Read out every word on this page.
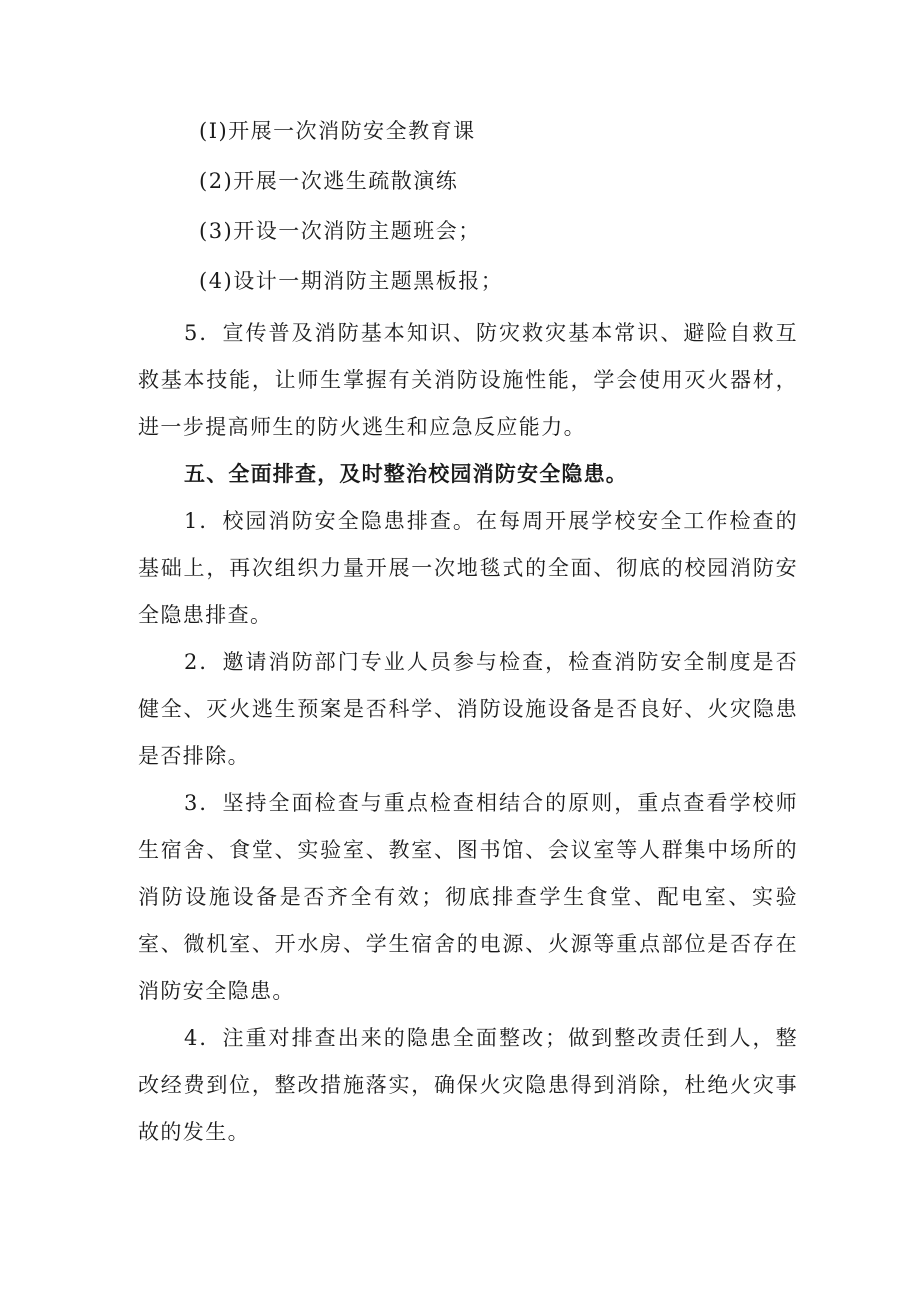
(I)开展一次消防安全教育课
(2)开展一次逃生疏散演练
(3)开设一次消防主题班会；
(4)设计一期消防主题黑板报；

5．宣传普及消防基本知识、防灾救灾基本常识、避险自救互救基本技能，让师生掌握有关消防设施性能，学会使用灭火器材，进一步提高师生的防火逃生和应急反应能力。

五、全面排查，及时整治校园消防安全隐患。

1．校园消防安全隐患排查。在每周开展学校安全工作检查的基础上，再次组织力量开展一次地毯式的全面、彻底的校园消防安全隐患排查。

2．邀请消防部门专业人员参与检查，检查消防安全制度是否健全、灭火逃生预案是否科学、消防设施设备是否良好、火灾隐患是否排除。

3．坚持全面检查与重点检查相结合的原则，重点查看学校师生宿舍、食堂、实验室、教室、图书馆、会议室等人群集中场所的消防设施设备是否齐全有效；彻底排查学生食堂、配电室、实验室、微机室、开水房、学生宿舍的电源、火源等重点部位是否存在消防安全隐患。

4．注重对排查出来的隐患全面整改；做到整改责任到人，整改经费到位，整改措施落实，确保火灾隐患得到消除，杜绝火灾事故的发生。
